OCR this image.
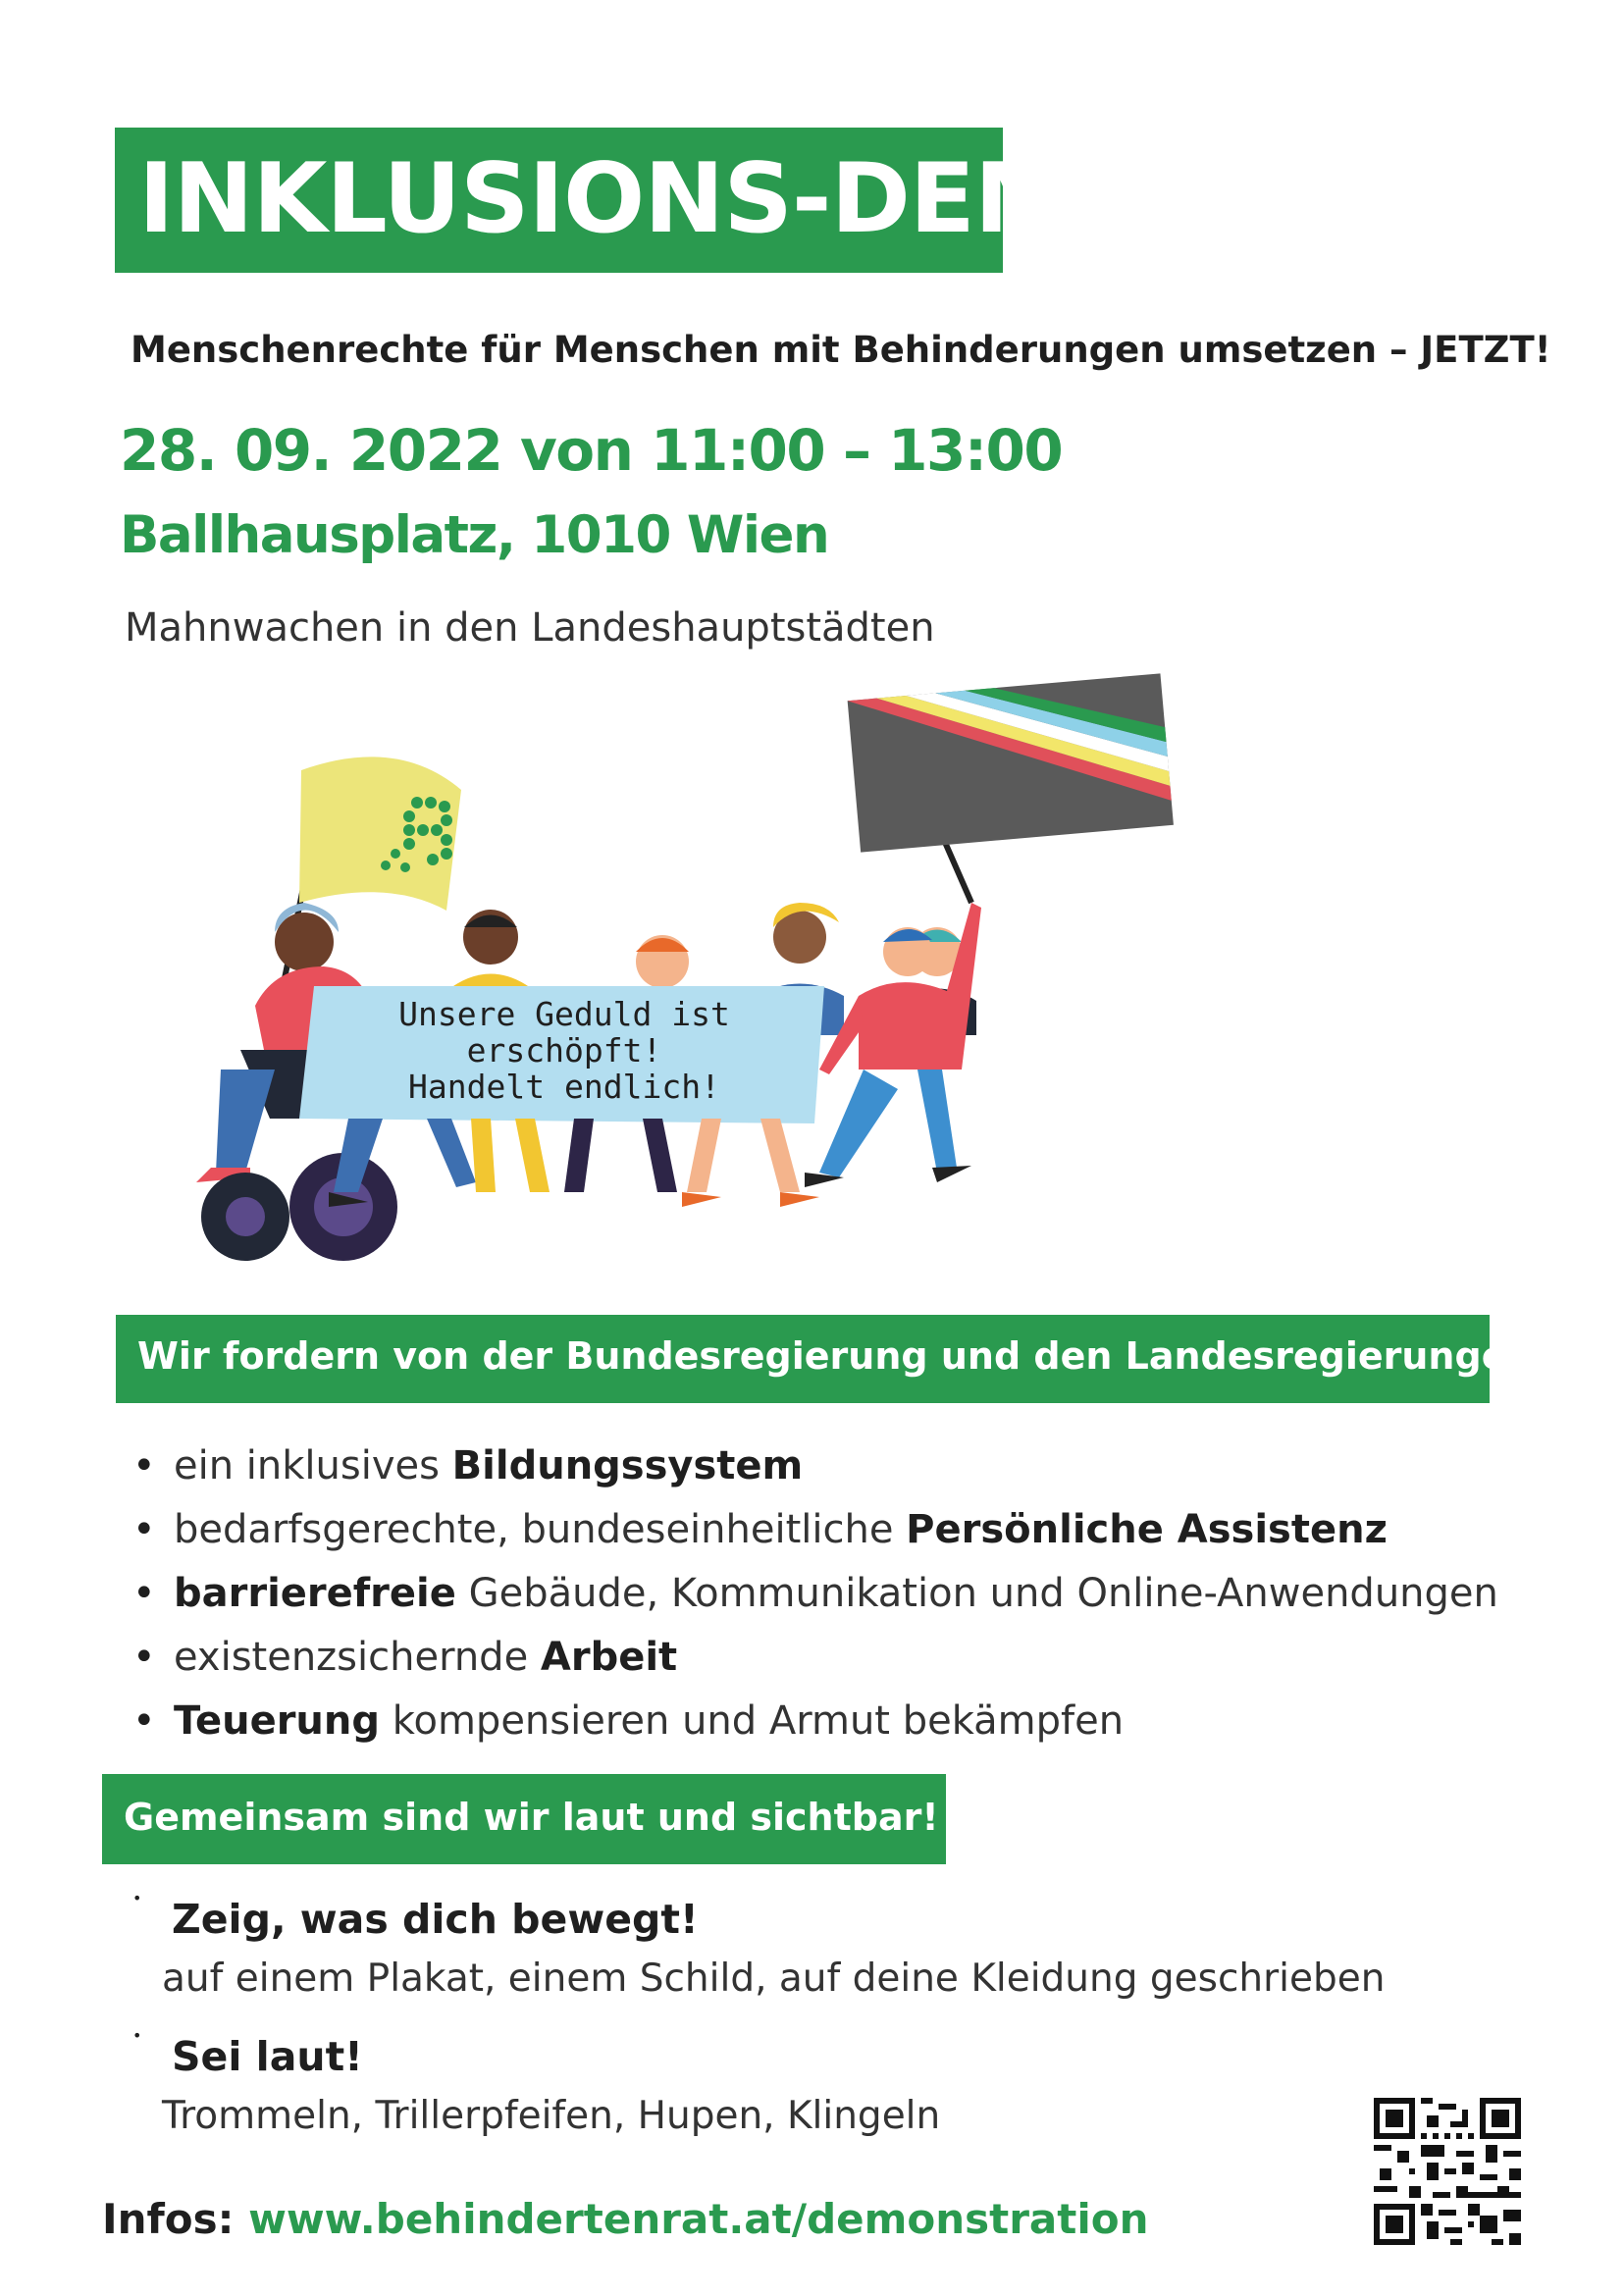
INKLUSIONS-DEMO
Menschenrechte für Menschen mit Behinderungen umsetzen – JETZT!
28. 09. 2022 von 11:00 – 13:00
Ballhausplatz, 1010 Wien
Mahnwachen in den Landeshauptstädten
Unsere Geduld ist
erschöpft!
Handelt endlich!
Wir fordern von der Bundesregierung und den Landesregierungen:
• ein inklusives Bildungssystem
• bedarfsgerechte, bundeseinheitliche Persönliche Assistenz
• barrierefreie Gebäude, Kommunikation und Online-Anwendungen
• existenzsichernde Arbeit
• Teuerung kompensieren und Armut bekämpfen
Gemeinsam sind wir laut und sichtbar!
• Zeig, was dich bewegt!
auf einem Plakat, einem Schild, auf deine Kleidung geschrieben
• Sei laut!
Trommeln, Trillerpfeifen, Hupen, Klingeln
Infos: www.behindertenrat.at/demonstration
